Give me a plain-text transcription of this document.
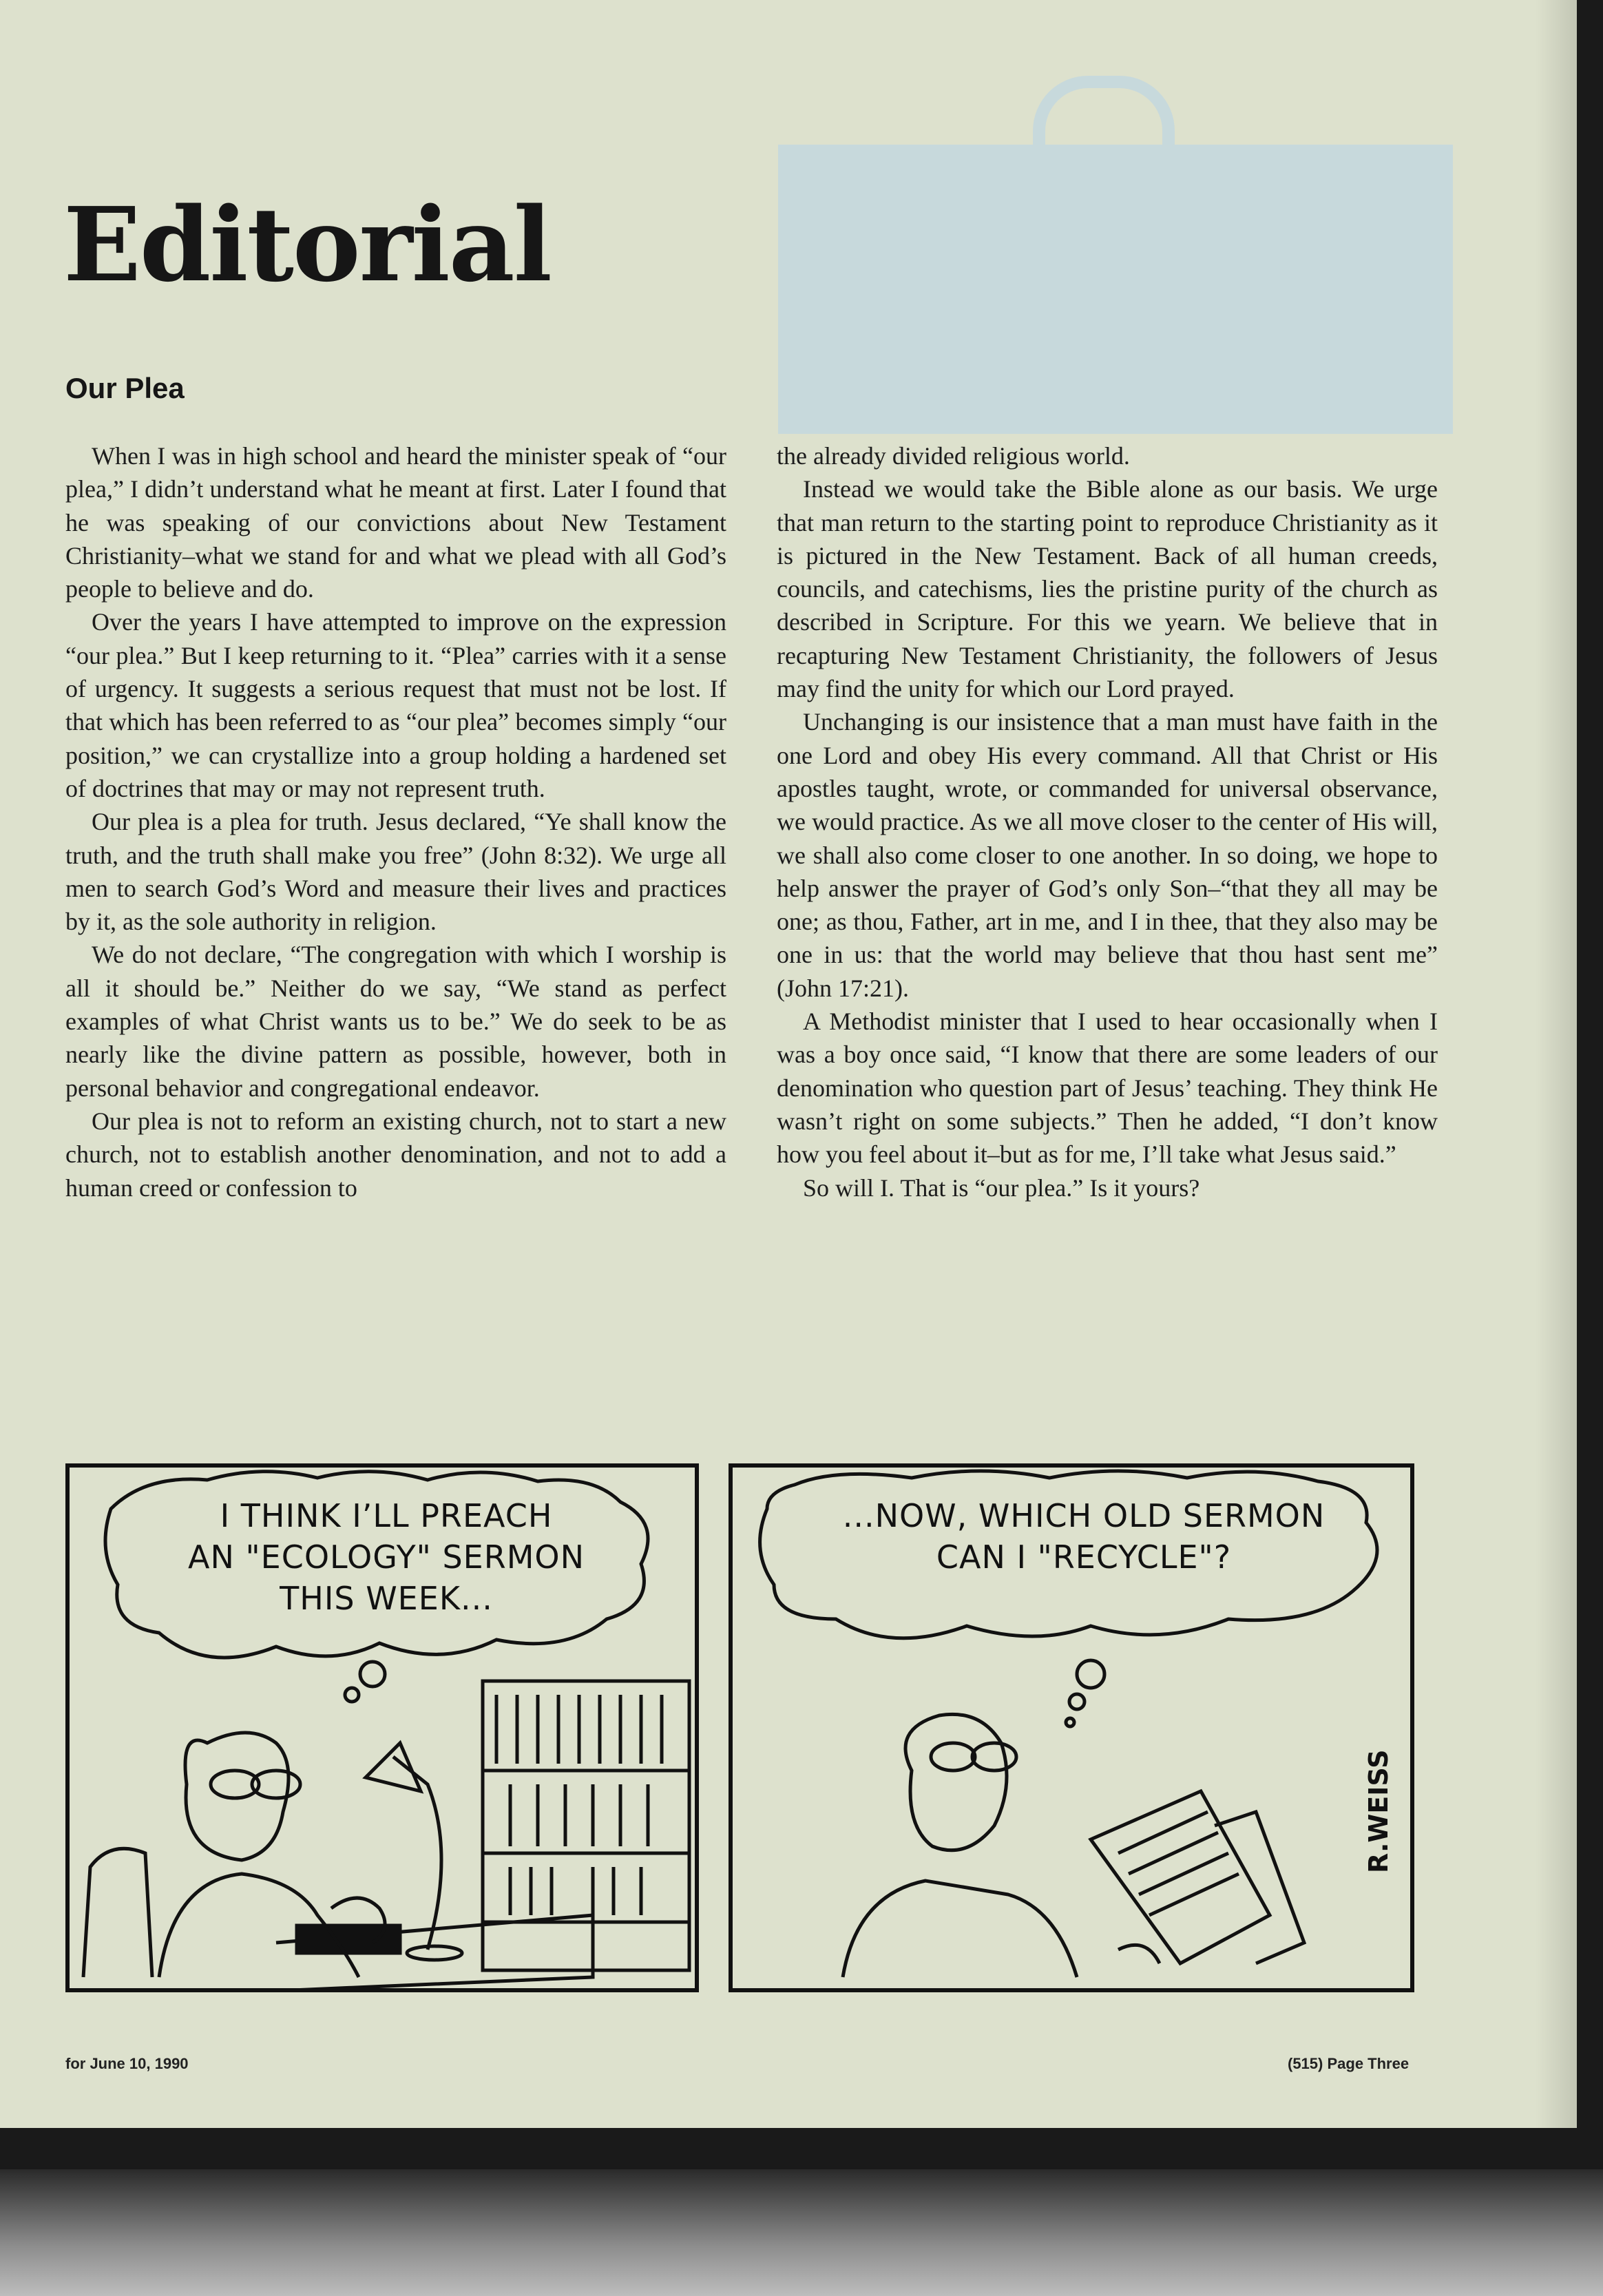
Editorial
Our Plea

When I was in high school and heard the minister speak of “our plea,” I didn’t understand what he meant at first. Later I found that he was speaking of our convictions about New Testament Christianity–what we stand for and what we plead with all God’s people to believe and do.

Over the years I have attempted to improve on the expression “our plea.” But I keep returning to it. “Plea” carries with it a sense of urgency. It suggests a serious request that must not be lost. If that which has been referred to as “our plea” becomes simply “our position,” we can crystallize into a group holding a hardened set of doctrines that may or may not represent truth.

Our plea is a plea for truth. Jesus declared, “Ye shall know the truth, and the truth shall make you free” (John 8:32). We urge all men to search God’s Word and measure their lives and practices by it, as the sole authority in religion.

We do not declare, “The congregation with which I worship is all it should be.” Neither do we say, “We stand as perfect examples of what Christ wants us to be.” We do seek to be as nearly like the divine pattern as possible, however, both in personal behavior and congregational endeavor.

Our plea is not to reform an existing church, not to start a new church, not to establish another denomination, and not to add a human creed or confession to

the already divided religious world.

Instead we would take the Bible alone as our basis. We urge that man return to the starting point to reproduce Christianity as it is pictured in the New Testament. Back of all human creeds, councils, and catechisms, lies the pristine purity of the church as described in Scripture. For this we yearn. We believe that in recapturing New Testament Christianity, the followers of Jesus may find the unity for which our Lord prayed.

Unchanging is our insistence that a man must have faith in the one Lord and obey His every command. All that Christ or His apostles taught, wrote, or commanded for universal observance, we would practice. As we all move closer to the center of His will, we shall also come closer to one another. In so doing, we hope to help answer the prayer of God’s only Son–“that they all may be one; as thou, Father, art in me, and I in thee, that they also may be one in us: that the world may believe that thou hast sent me” (John 17:21).

A Methodist minister that I used to hear occasionally when I was a boy once said, “I know that there are some leaders of our denomination who question part of Jesus’ teaching. They think He wasn’t right on some subjects.” Then he added, “I don’t know how you feel about it–but as for me, I’ll take what Jesus said.”

So will I. That is “our plea.” Is it yours?

I THINK I’LL PREACH
AN "ECOLOGY" SERMON
THIS WEEK...
...NOW, WHICH OLD SERMON
CAN I "RECYCLE"?
R.WEISS
for June 10, 1990	(515) Page Three
